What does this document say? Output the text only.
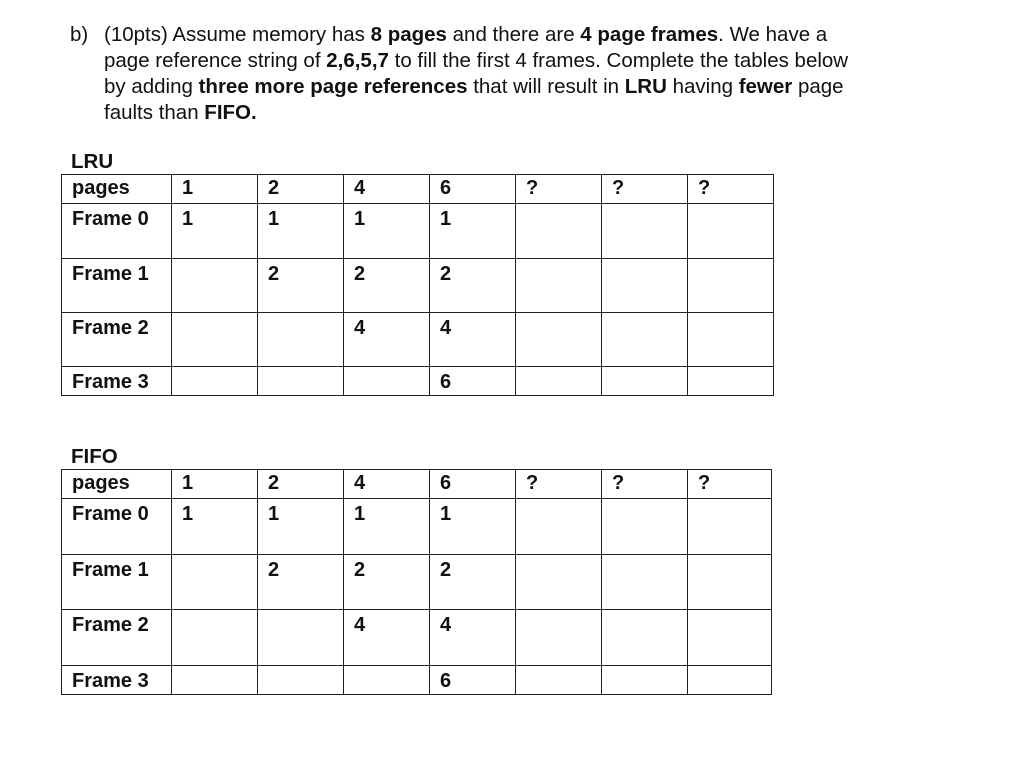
b) (10pts) Assume memory has 8 pages and there are 4 page frames. We have a
page reference string of 2,6,5,7 to fill the first 4 frames. Complete the tables below
by adding three more page references that will result in LRU having fewer page
faults than FIFO.
LRU
pages	1	2	4	6	?	?	?
Frame 0	1	1	1	1			
Frame 1		2	2	2			
Frame 2			4	4			
Frame 3				6			
FIFO
pages	1	2	4	6	?	?	?
Frame 0	1	1	1	1			
Frame 1		2	2	2			
Frame 2			4	4			
Frame 3				6			
